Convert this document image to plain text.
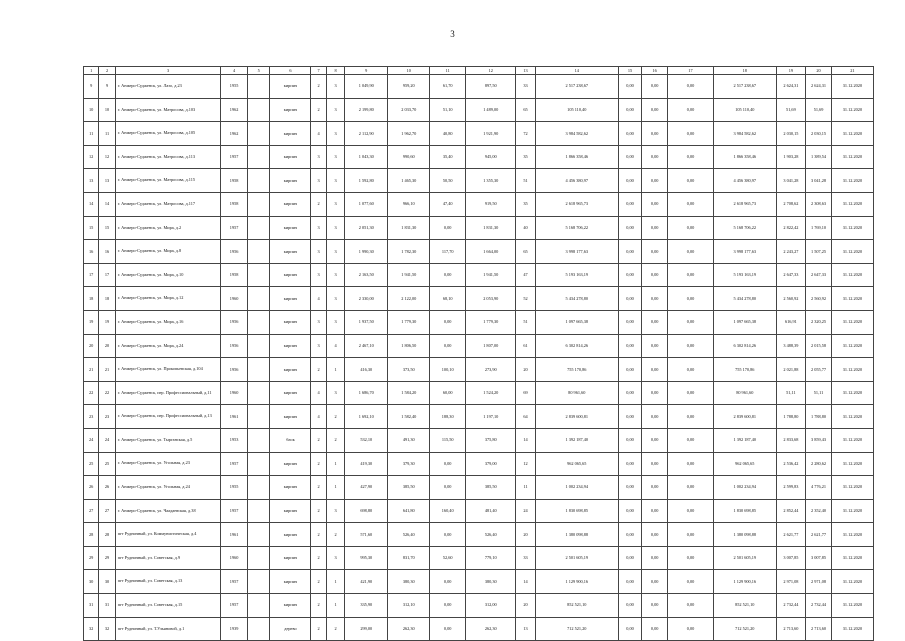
3
1	2	3	4	5	6	7	8	9	10	11	12	13	14	15	16	17	18	19	20	21
9	9	г. Анжеро-Судженск, ул. Лазо, д.23	1955		кирпич	2	3	1 049,90	959,20	61,70	897,50	33	2 517 238,67	0,00	0,00	0,00	2 517 238,67	2 624,31	2 624,31	31.12.2020
10	10	г. Анжеро-Судженск, ул. Матросова, д.103	1962		кирпич	2	3	2 199,80	2 033,70	51,10	1 489,00	65	105 110,40	0,00	0,00	0,00	105 110,40	51,69	51,69	31.12.2020
11	11	г. Анжеро-Судженск, ул. Матросова, д.105	1962		кирпич	4	3	2 112,90	1 962,70	40,80	1 921,90	72	3 984 582,62	0,00	0,00	0,00	3 984 582,62	2 030,15	2 030,15	31.12.2020
12	12	г. Анжеро-Судженск, ул. Матросова, д.113	1957		кирпич	3	3	1 043,30	990,60	35,40	945,00	35	1 866 358,46	0,00	0,00	0,00	1 866 358,46	1 903,28	1 389,54	31.12.2020
13	13	г. Анжеро-Судженск, ул. Матросова, д.115	1958		кирпич	3	3	1 592,80	1 465,30	50,50	1 355,30	51	4 456 380,97	0,00	0,00	0,00	4 456 380,97	3 041,28	3 041,28	31.12.2020
14	14	г. Анжеро-Судженск, ул. Матросова, д.117	1958		кирпич	2	3	1 077,60	966,10	47,40	919,50	35	2 618 965,73	0,00	0,00	0,00	2 618 965,73	2 708,62	2 308,63	31.12.2020
15	15	г. Анжеро-Судженск, ул. Мира, д.2	1957		кирпич	3	3	2 051,30	1 831,30	0,00	1 831,30	40	5 168 706,22	0,00	0,00	0,00	5 168 706,22	2 822,42	1 769,10	31.12.2020
16	16	г. Анжеро-Судженск, ул. Мира, д.8	1956		кирпич	3	3	1 990,30	1 782,30	117,70	1 664,00	65	3 998 177,63	0,00	0,00	0,00	3 998 177,63	2 243,27	1 507,25	31.12.2020
17	17	г. Анжеро-Судженск, ул. Мира, д.10	1958		кирпич	3	3	2 163,50	1 941,50	0,00	1 941,50	47	5 193 163,19	0,00	0,00	0,00	5 193 163,19	2 647,33	2 647,33	31.12.2020
18	18	г. Анжеро-Судженск, ул. Мира, д.12	1960		кирпич	4	3	2 330,00	2 122,00	68,10	2 053,90	52	5 434 278,80	0,00	0,00	0,00	5 434 278,80	2 560,92	2 560,92	31.12.2020
19	19	г. Анжеро-Судженск, ул. Мира, д.16	1956		кирпич	3	3	1 937,50	1 779,30	0,00	1 779,30	51	1 097 665,38	0,00	0,00	0,00	1 097 665,38	616,91	2 320,25	31.12.2020
20	20	г. Анжеро-Судженск, ул. Мира, д.24	1956		кирпич	3	4	2 467,10	1 806,50	0,00	1 807,00	61	6 302 814,26	0,00	0,00	0,00	6 302 814,26	3 488,39	2 015,58	31.12.2020
21	21	г. Анжеро-Судженск, ул. Прокопьевская, д.104	1956		кирпич	2	1	416,30	373,50	100,10	273,90	20	755 170,86	0,00	0,00	0,00	755 170,86	2 021,88	2 055,77	31.12.2020
22	22	г. Анжеро-Судженск, пер. Профессиональный, д.11	1960		кирпич	4	3	1 686,70	1 584,20	60,00	1 524,20	69	80 961,60	0,00	0,00	0,00	80 961,60	51,11	51,11	31.12.2020
23	23	г. Анжеро-Судженск, пер. Профессиональный, д.13	1961		кирпич	4	2	1 692,10	1 582,40	188,30	1 197,10	64	2 839 600,81	0,00	0,00	0,00	2 839 600,81	1 788,80	1 788,80	31.12.2020
24	24	г. Анжеро-Судженск, ул. Тырганская, д.5	1953		блок	2	2	532,10	491,30	115,50	375,80	14	1 392 187,40	0,00	0,00	0,00	1 392 187,40	2 833,68	3 859,43	31.12.2020
25	25	г. Анжеро-Судженск, ул. Угольная, д.23	1957		кирпич	2	1	419,30	379,30	0,00	379,00	12	962 065,65	0,00	0,00	0,00	962 065,65	2 536,42	2 280,62	31.12.2020
26	26	г. Анжеро-Судженск, ул. Угольная, д.24	1955		кирпич	2	1	427,90	385,50	0,00	385,50	11	1 002 234,94	0,00	0,00	0,00	1 002 234,94	2 599,83	4 776,21	31.12.2020
27	27	г. Анжеро-Судженск, ул. Чаадаевская, д.38	1957		кирпич	2	3	698,80	641,80	160,40	481,40	24	1 830 698,85	0,00	0,00	0,00	1 830 698,85	2 852,44	2 352,40	31.12.2020
28	28	пгт Рудничный, ул. Коммунистическая, д.4	1961		кирпич	2	2	571,60	526,40	0,00	526,40	20	1 380 098,88	0,00	0,00	0,00	1 380 098,88	2 621,77	2 621,77	31.12.2020
29	29	пгт Рудничный, ул. Советская, д.9	1960		кирпич	2	3	995,30	831,70	52,60	779,10	33	2 501 605,19	0,00	0,00	0,00	2 501 605,19	3 007,85	3 007,85	31.12.2020
30	30	пгт Рудничный, ул. Советская, д.13	1957		кирпич	2	1	421,90	380,30	0,00	380,30	14	1 129 900,16	0,00	0,00	0,00	1 129 900,16	2 971,08	2 971,08	31.12.2020
31	31	пгт Рудничный, ул. Советская, д.15	1957		кирпич	2	1	335,90	312,10	0,00	312,00	20	852 521,10	0,00	0,00	0,00	852 521,10	2 732,44	2 732,44	31.12.2020
32	32	пгт Рудничный, ул. Т.Ульяновой, д.1	1939		дерево	2	2	299,00	262,30	0,00	262,30	13	712 521,20	0,00	0,00	0,00	712 521,20	2 713,60	2 713,60	31.12.2020
